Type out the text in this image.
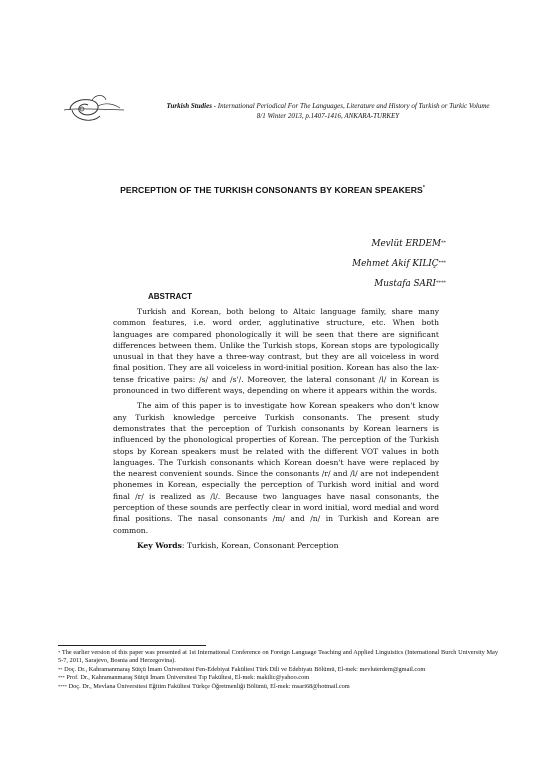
Turkish Studies - International Periodical For The Languages, Literature and History of Turkish or Turkic Volume
8/1 Winter 2013, p.1407-1416, ANKARA-TURKEY
PERCEPTION OF THE TURKISH CONSONANTS BY KOREAN SPEAKERS*
Mevlüt ERDEM**
Mehmet Akif KILIÇ***
Mustafa SARI****
ABSTRACT

Turkish and Korean, both belong to Altaic language family, share many common features, i.e. word order, agglutinative structure, etc. When both languages are compared phonologically it will be seen that there are significant differences between them. Unlike the Turkish stops, Korean stops are typologically unusual in that they have a three-way contrast, but they are all voiceless in word final position. They are all voiceless in word-initial position. Korean has also the lax-tense fricative pairs: /s/ and /s'/. Moreover, the lateral consonant /l/ in Korean is pronounced in two different ways, depending on where it appears within the words.

The aim of this paper is to investigate how Korean speakers who don't know any Turkish knowledge perceive Turkish consonants. The present study demonstrates that the perception of Turkish consonants by Korean learners is influenced by the phonological properties of Korean. The perception of the Turkish stops by Korean speakers must be related with the different VOT values in both languages. The Turkish consonants which Korean doesn't have were replaced by the nearest convenient sounds. Since the consonants /r/ and /l/ are not independent phonemes in Korean, especially the perception of Turkish word initial and word final /r/ is realized as /l/. Because two languages have nasal consonants, the perception of these sounds are perfectly clear in word initial, word medial and word final positions. The nasal consonants /m/ and /n/ in Turkish and Korean are common.

Key Words: Turkish, Korean, Consonant Perception
* The earlier version of this paper was presented at 1st International Conference on Foreign Language Teaching and Applied Linguistics (International Burch University May 5-7, 2011, Sarajevo, Bosnia and Herzegovina).
** Doç. Dr., Kahramanmaraş Sütçü İmam Üniversitesi Fen-Edebiyat Fakültesi Türk Dili ve Edebiyatı Bölümü, El-mek: mevluterdem@gmail.com
*** Prof. Dr., Kahramanmaraş Sütçü İmam Üniversitesi Tıp Fakültesi, El-mek: makilic@yahoo.com
**** Doç. Dr., Mevlana Üniversitesi Eğitim Fakültesi Türkçe Öğretmenliği Bölümü, El-mek: msari68@hotmail.com
